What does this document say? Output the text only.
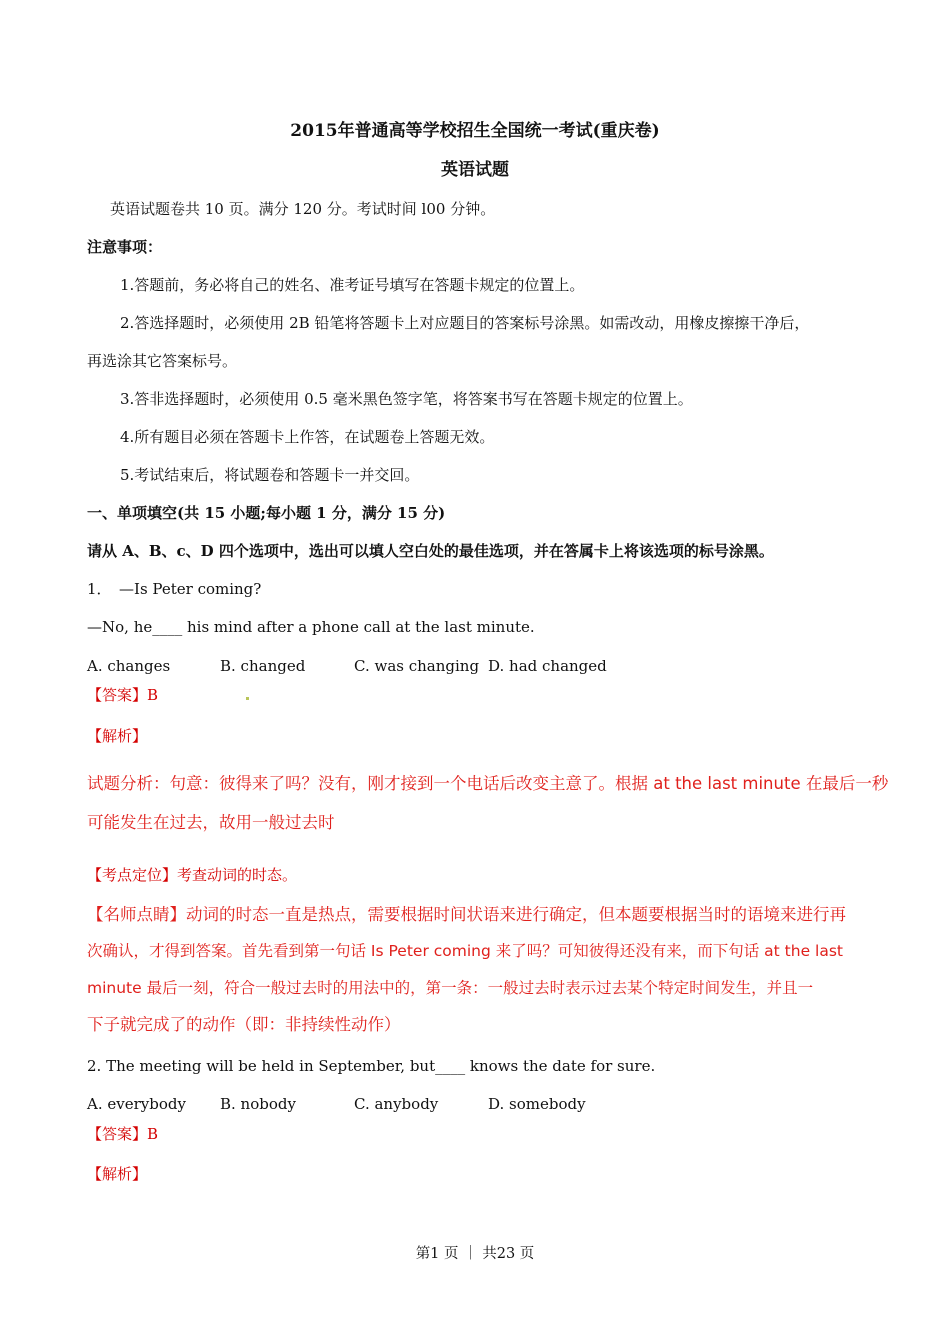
2015年普通高等学校招生全国统一考试(重庆卷)
英语试题
英语试题卷共 10 页。满分 120 分。考试时间 l00 分钟。
注意事项：
1.答题前，务必将自己的姓名、准考证号填写在答题卡规定的位置上。
2.答选择题时，必须使用 2B 铅笔将答题卡上对应题目的答案标号涂黑。如需改动，用橡皮擦擦干净后，
再选涂其它答案标号。
3.答非选择题时，必须使用 0.5 毫米黑色签字笔，将答案书写在答题卡规定的位置上。
4.所有题目必须在答题卡上作答，在试题卷上答题无效。
5.考试结束后，将试题卷和答题卡一并交回。
一、单项填空(共 15 小题;每小题 1 分，满分 15 分)
请从 A、B、c、D 四个选项中，选出可以填人空白处的最佳选项，并在答属卡上将该选项的标号涂黑。
1．　—Is Peter coming?
—No, he____ his mind after a phone call at the last minute.
A. changes	B. changed	C. was changing D. had changed
【答案】B
【解析】
试题分析：句意：彼得来了吗？没有，刚才接到一个电话后改变主意了。根据 at the last minute 在最后一秒
可能发生在过去，故用一般过去时
【考点定位】考查动词的时态。
【名师点睛】动词的时态一直是热点，需要根据时间状语来进行确定，但本题要根据当时的语境来进行再
次确认，才得到答案。首先看到第一句话 Is Peter coming 来了吗？可知彼得还没有来，而下句话 at the last
minute 最后一刻，符合一般过去时的用法中的，第一条：一般过去时表示过去某个特定时间发生，并且一
下子就完成了的动作（即：非持续性动作）
2. The meeting will be held in September, but____ knows the date for sure.
A. everybody B. nobody	C. anybody	D. somebody
【答案】B
【解析】
第1 页 ｜ 共23 页
